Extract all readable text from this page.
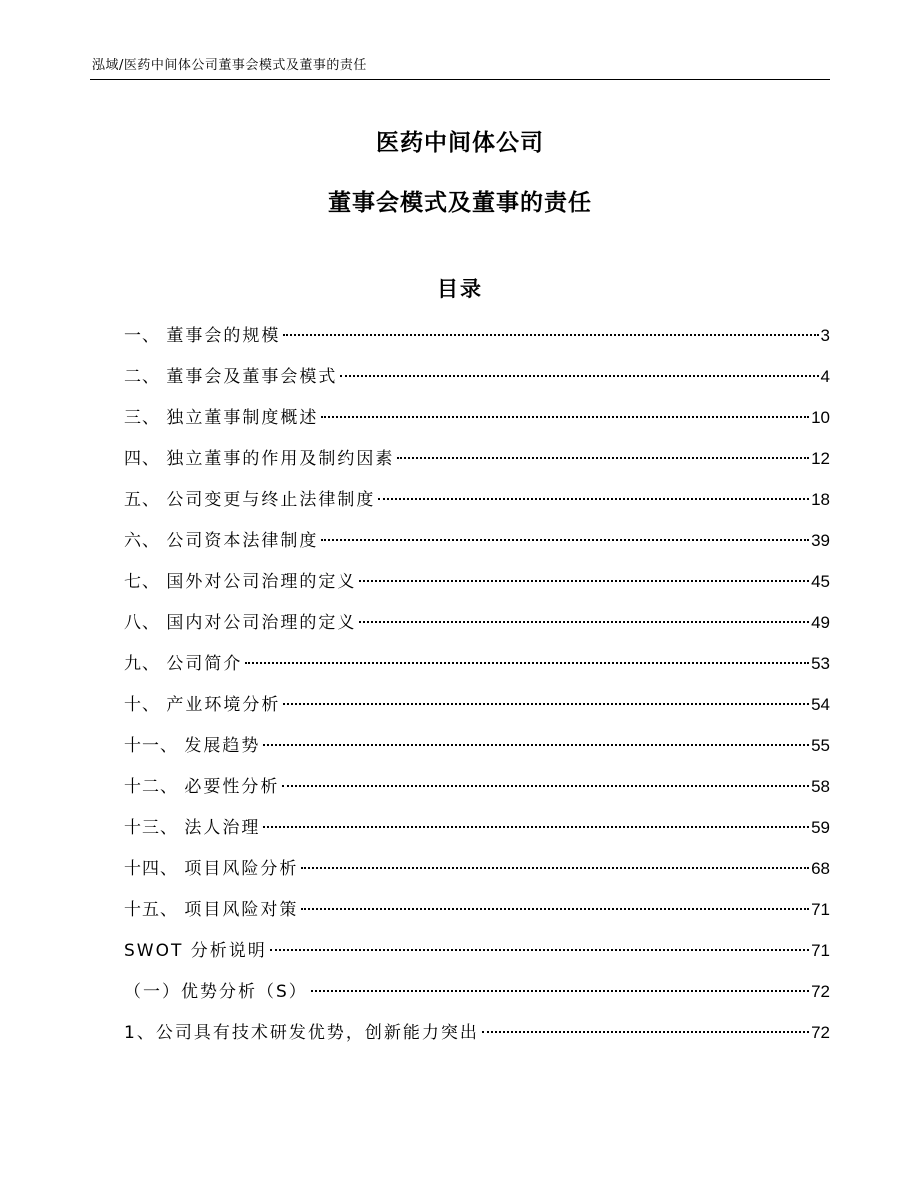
泓域/医药中间体公司董事会模式及董事的责任
医药中间体公司
董事会模式及董事的责任
目录
一、 董事会的规模	3
二、 董事会及董事会模式	4
三、 独立董事制度概述	10
四、 独立董事的作用及制约因素	12
五、 公司变更与终止法律制度	18
六、 公司资本法律制度	39
七、 国外对公司治理的定义	45
八、 国内对公司治理的定义	49
九、 公司简介	53
十、 产业环境分析	54
十一、 发展趋势	55
十二、 必要性分析	58
十三、 法人治理	59
十四、 项目风险分析	68
十五、 项目风险对策	71
SWOT 分析说明	71
（一）优势分析（S）	72
1、公司具有技术研发优势，创新能力突出	72
